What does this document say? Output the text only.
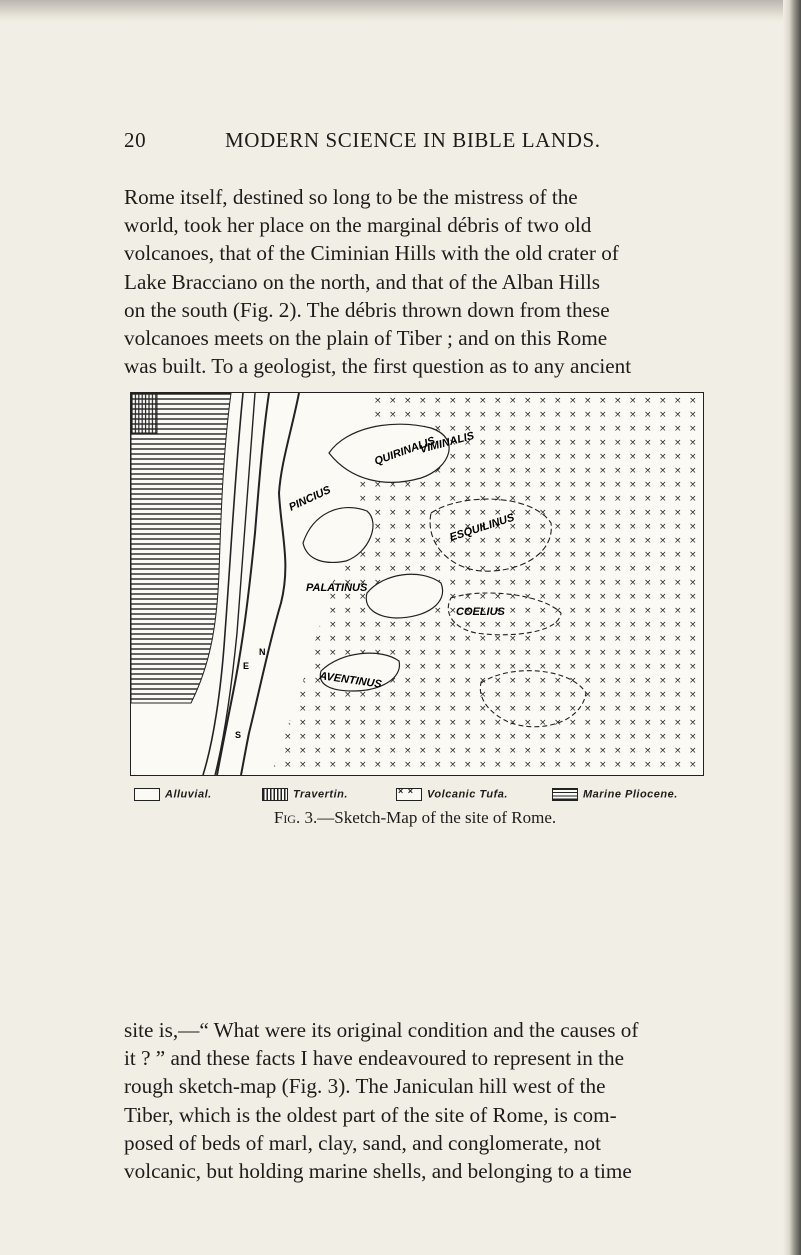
20	MODERN SCIENCE IN BIBLE LANDS.
Rome itself, destined so long to be the mistress of the
world, took her place on the marginal débris of two old
volcanoes, that of the Ciminian Hills with the old crater of
Lake Bracciano on the north, and that of the Alban Hills
on the south (Fig. 2). The débris thrown down from these
volcanoes meets on the plain of Tiber ; and on this Rome
was built. To a geologist, the first question as to any ancient
QUIRINALIS
VIMINALIS
PINCIUS
ESQUILINUS
PALATINUS
COELIUS
AVENTINUS
N
E
S
Alluvial.	Travertin.
× ×	Volcanic Tufa.	Marine Pliocene.
Fig. 3.—Sketch-Map of the site of Rome.
site is,—“ What were its original condition and the causes of
it ? ” and these facts I have endeavoured to represent in the
rough sketch-map (Fig. 3). The Janiculan hill west of the
Tiber, which is the oldest part of the site of Rome, is com-
posed of beds of marl, clay, sand, and conglomerate, not
volcanic, but holding marine shells, and belonging to a time
